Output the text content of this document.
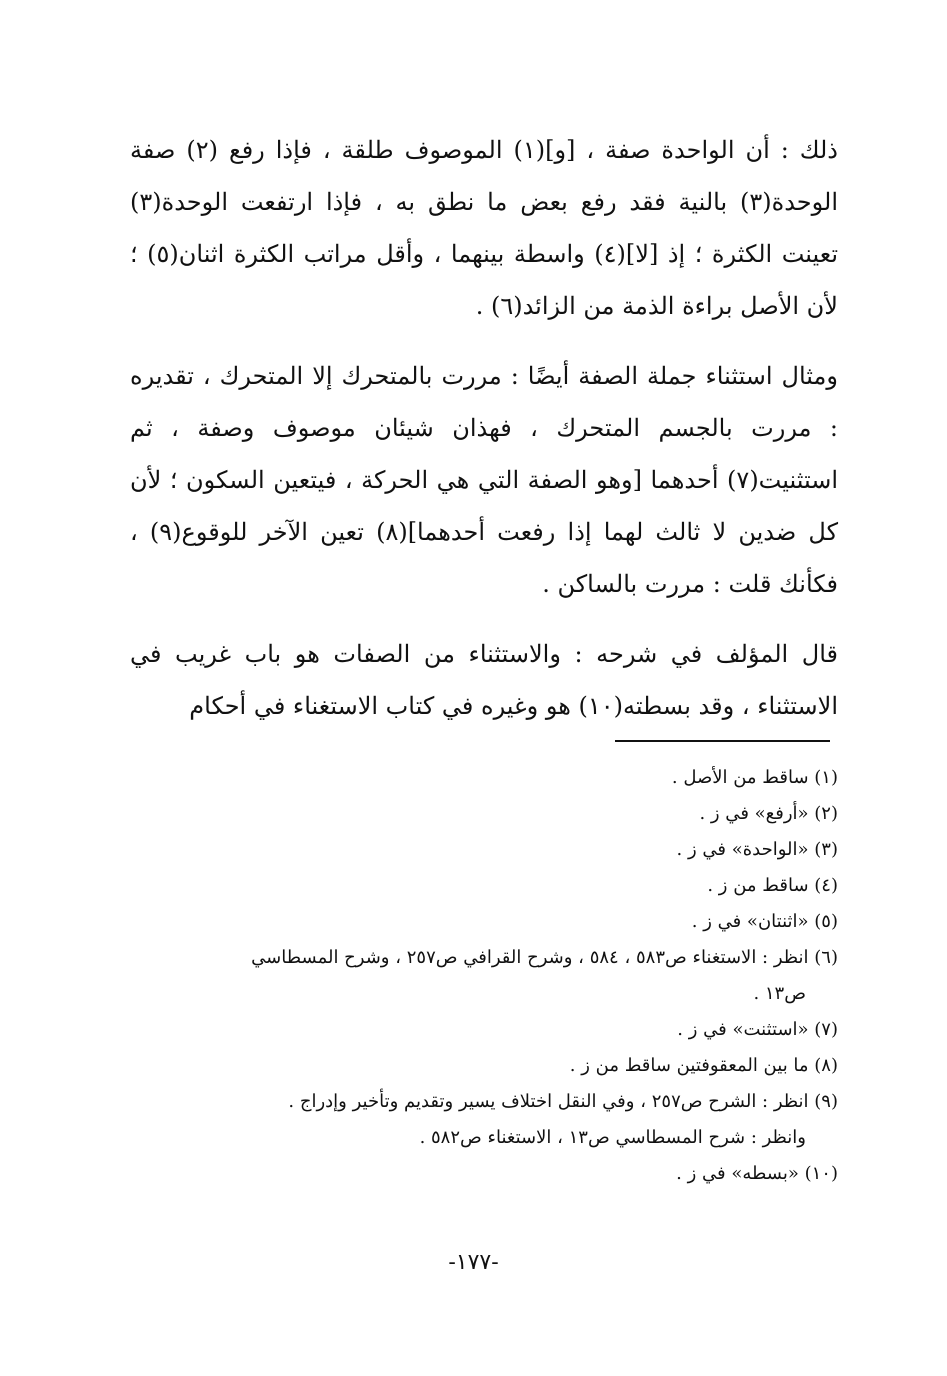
ذلك : أن الواحدة صفة ، [و](١) الموصوف طلقة ، فإذا رفع (٢) صفة الوحدة(٣) بالنية فقد رفع بعض ما نطق به ، فإذا ارتفعت الوحدة(٣) تعينت الكثرة ؛ إذ [لا](٤) واسطة بينهما ، وأقل مراتب الكثرة اثنان(٥) ؛ لأن الأصل براءة الذمة من الزائد(٦) .

ومثال استثناء جملة الصفة أيضًا : مررت بالمتحرك إلا المتحرك ، تقديره : مررت بالجسم المتحرك ، فهذان شيئان موصوف وصفة ، ثم استثنيت(٧) أحدهما [وهو الصفة التي هي الحركة ، فيتعين السكون ؛ لأن كل ضدين لا ثالث لهما إذا رفعت أحدهما](٨) تعين الآخر للوقوع(٩) ، فكأنك قلت : مررت بالساكن .

قال المؤلف في شرحه : والاستثناء من الصفات هو باب غريب في الاستثناء ، وقد بسطته(١٠) هو وغيره في كتاب الاستغناء في أحكام

(١) ساقط من الأصل .

(٢) «أرفع» في ز .

(٣) «الواحدة» في ز .

(٤) ساقط من ز .

(٥) «اثنتان» في ز .

(٦) انظر : الاستغناء ص٥٨٣ ، ٥٨٤ ، وشرح القرافي ص٢٥٧ ، وشرح المسطاسي

ص١٣ .

(٧) «استثنت» في ز .

(٨) ما بين المعقوفتين ساقط من ز .

(٩) انظر : الشرح ص٢٥٧ ، وفي النقل اختلاف يسير وتقديم وتأخير وإدراج .

وانظر : شرح المسطاسي ص١٣ ، الاستغناء ص٥٨٢ .

(١٠) «بسطه» في ز .

-١٧٧-
